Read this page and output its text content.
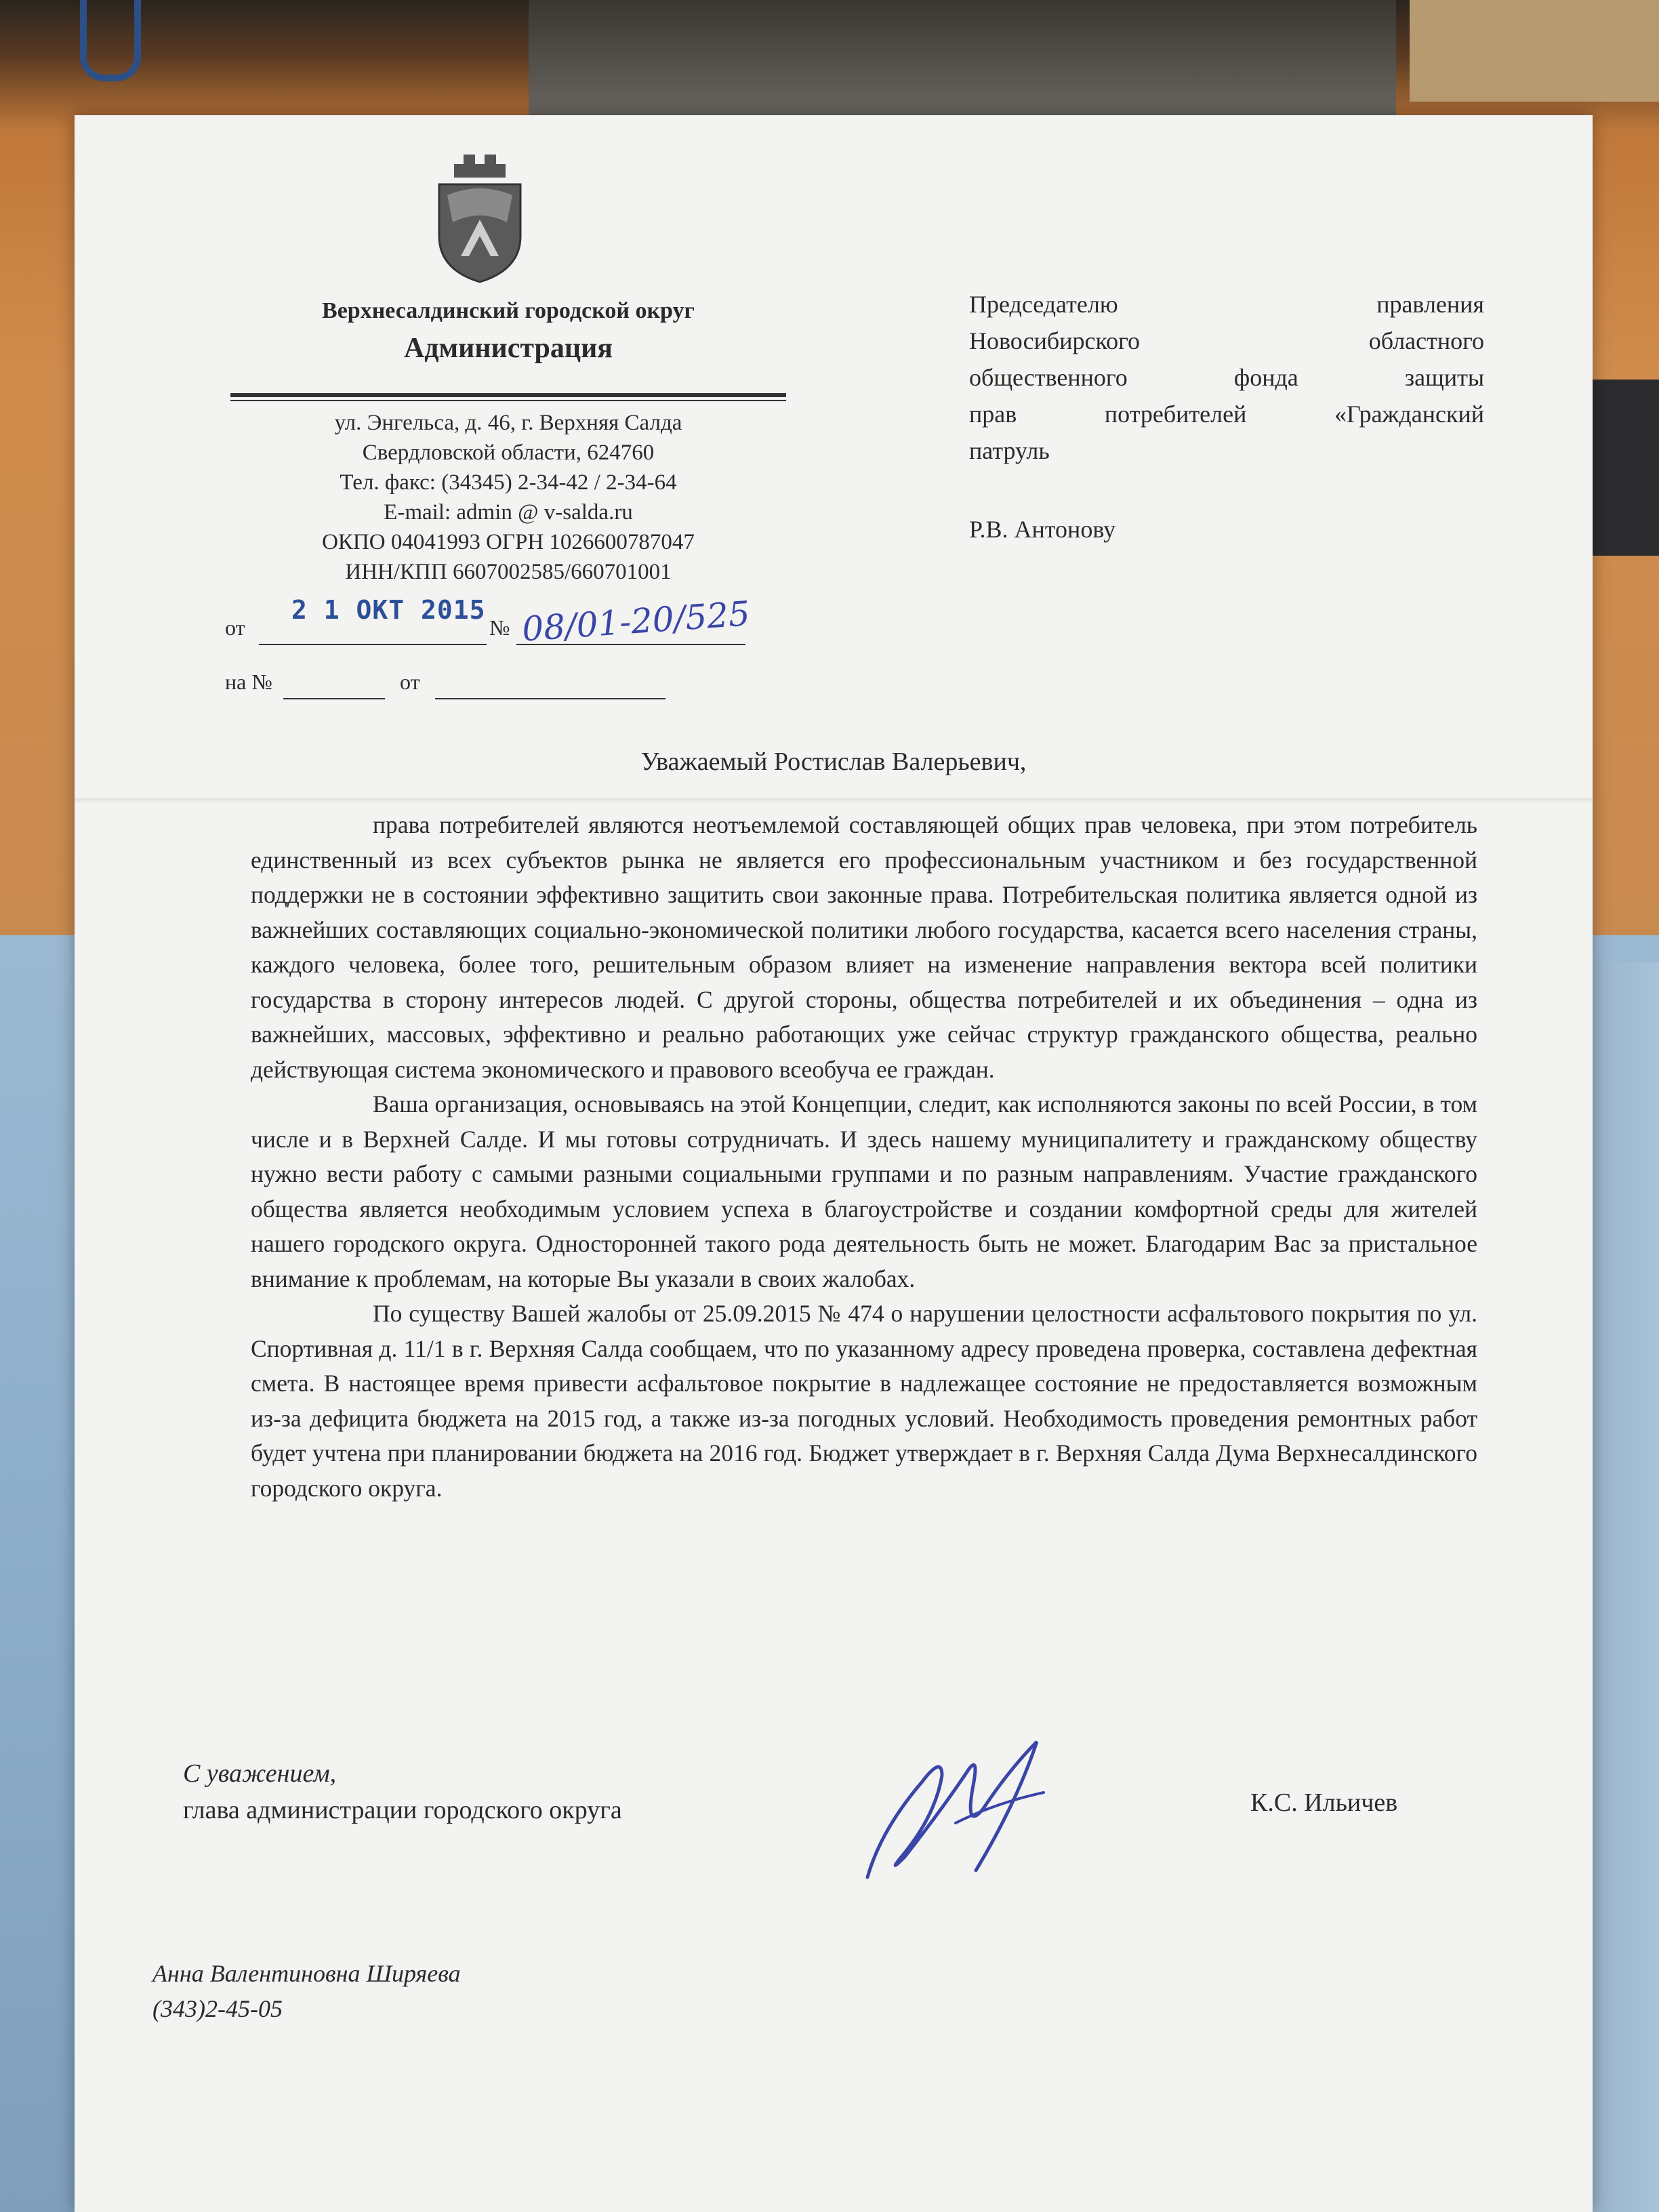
Верхнесалдинский городской округ
Администрация
ул. Энгельса, д. 46, г. Верхняя Салда
Свердловской области, 624760
Тел. факс: (34345) 2-34-42 / 2-34-64
E-mail: admin @ v-salda.ru
ОКПО 04041993 ОГРН 1026600787047
ИНН/КПП 6607002585/660701001
от
2 1 ОКТ 2015
№ 08/01-20/525
на №	от
Председателю правления
Новосибирского областного
общественного фонда защиты
прав потребителей «Гражданский
патруль
Р.В. Антонову
Уважаемый Ростислав Валерьевич,

права потребителей являются неотъемлемой составляющей общих прав человека, при этом потребитель единственный из всех субъектов рынка не является его профессиональным участником и без государственной поддержки не в состоянии эффективно защитить свои законные права. Потребительская политика является одной из важнейших составляющих социально-экономической политики любого государства, касается всего населения страны, каждого человека, более того, решительным образом влияет на изменение направления вектора всей политики государства в сторону интересов людей. С другой стороны, общества потребителей и их объединения – одна из важнейших, массовых, эффективно и реально работающих уже сейчас структур гражданского общества, реально действующая система экономического и правового всеобуча ее граждан.

Ваша организация, основываясь на этой Концепции, следит, как исполняются законы по всей России, в том числе и в Верхней Салде. И мы готовы сотрудничать. И здесь нашему муниципалитету и гражданскому обществу нужно вести работу с самыми разными социальными группами и по разным направлениям. Участие гражданского общества является необходимым условием успеха в благоустройстве и создании комфортной среды для жителей нашего городского округа. Односторонней такого рода деятельность быть не может. Благодарим Вас за пристальное внимание к проблемам, на которые Вы указали в своих жалобах.

По существу Вашей жалобы от 25.09.2015 № 474 о нарушении целостности асфальтового покрытия по ул. Спортивная д. 11/1 в г. Верхняя Салда сообщаем, что по указанному адресу проведена проверка, составлена дефектная смета. В настоящее время привести асфальтовое покрытие в надлежащее состояние не предоставляется возможным из-за дефицита бюджета на 2015 год, а также из-за погодных условий. Необходимость проведения ремонтных работ будет учтена при планировании бюджета на 2016 год. Бюджет утверждает в г. Верхняя Салда Дума Верхнесалдинского городского округа.

С уважением,
глава администрации городского округа	К.С. Ильичев
Анна Валентиновна Ширяева
(343)2-45-05
